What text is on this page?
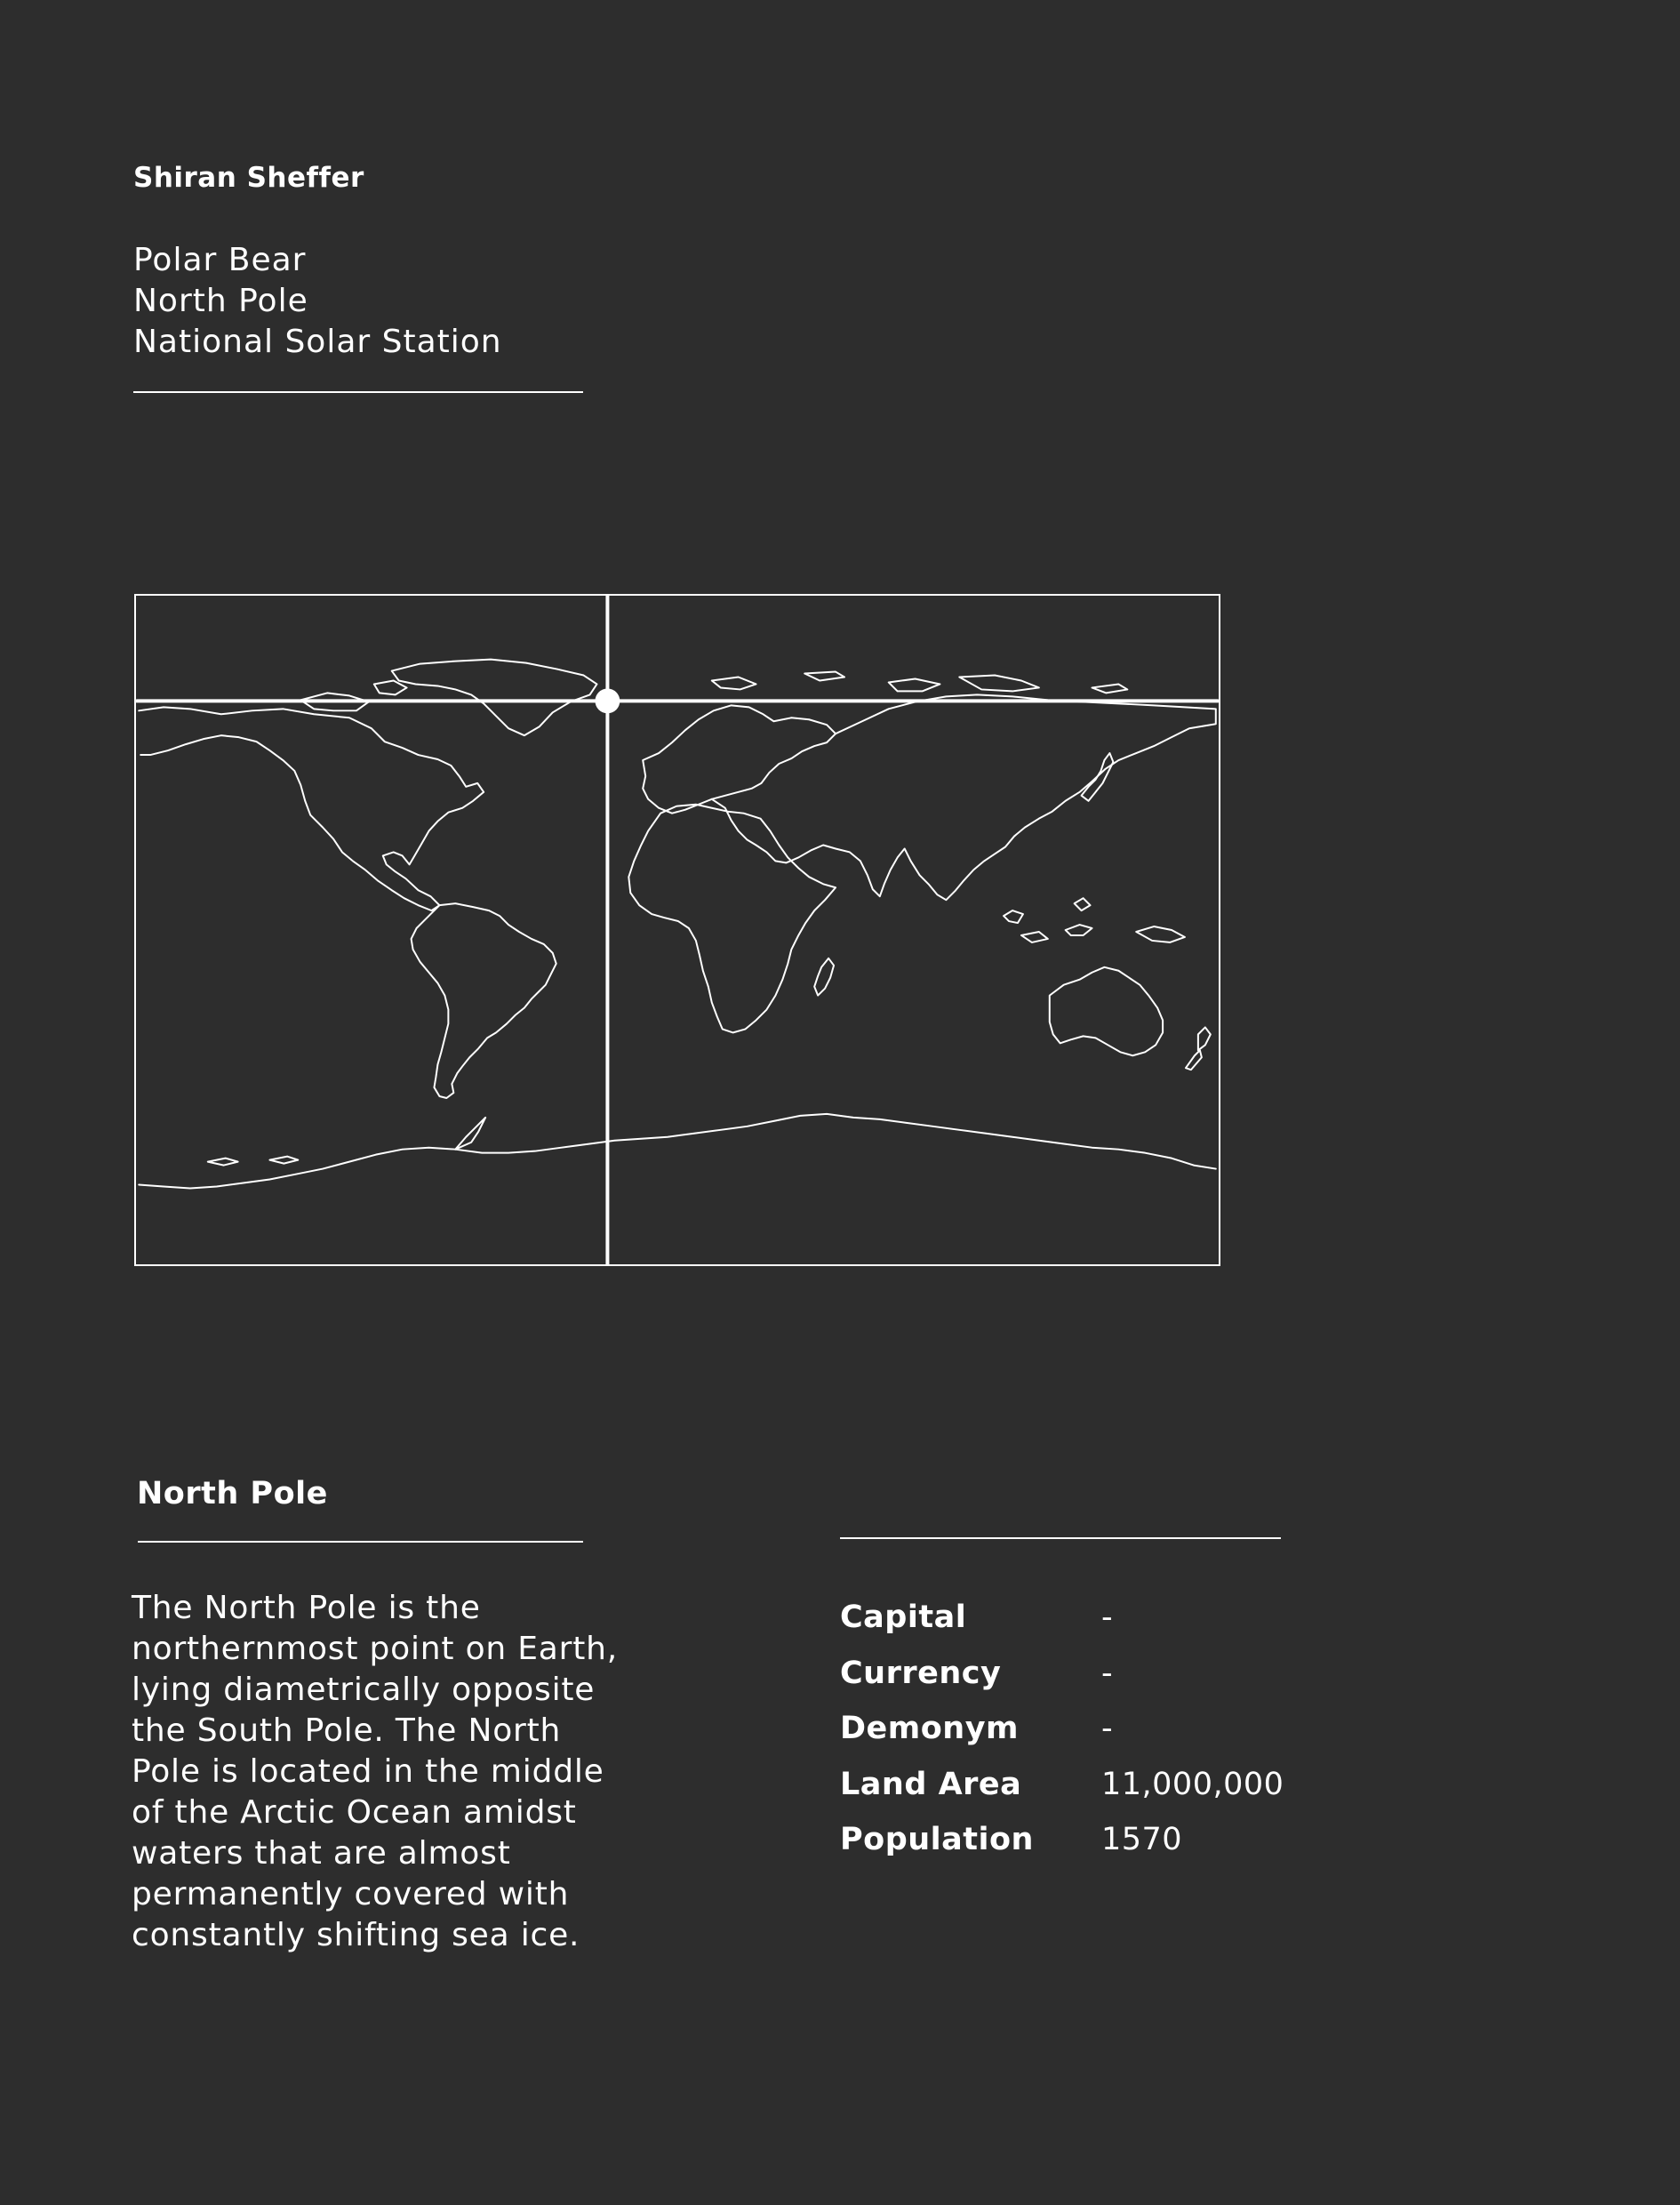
Shiran Sheffer

Polar Bear
North Pole
National Solar Station
North Pole

The North Pole is the northernmost point on Earth, lying diametrically opposite the South Pole. The North Pole is located in the middle of the Arctic Ocean amidst waters that are almost permanently covered with constantly shifting sea ice.

Capital	-
Currency	-
Demonym	-
Land Area	11,000,000
Population	1570
